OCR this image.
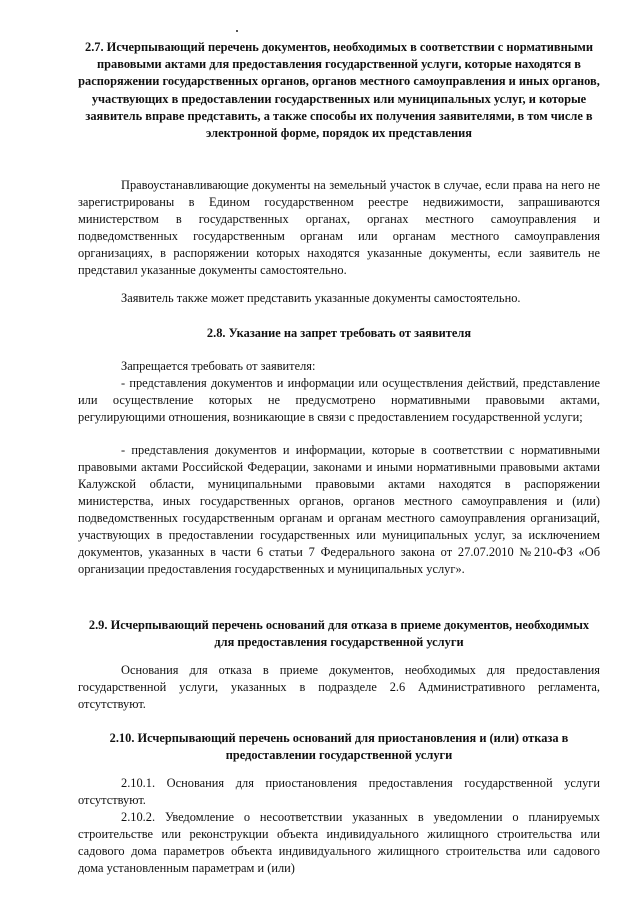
2.7. Исчерпывающий перечень документов, необходимых в соответствии с нормативными правовыми актами для предоставления государственной услуги, которые находятся в распоряжении государственных органов, органов местного самоуправления и иных органов, участвующих в предоставлении государственных или муниципальных услуг, и которые заявитель вправе представить, а также способы их получения заявителями, в том числе в электронной форме, порядок их представления
Правоустанавливающие документы на земельный участок в случае, если права на него не зарегистрированы в Едином государственном реестре недвижимости, запрашиваются министерством в государственных органах, органах местного самоуправления и подведомственных государственным органам или органам местного самоуправления организациях, в распоряжении которых находятся указанные документы, если заявитель не представил указанные документы самостоятельно.
Заявитель также может представить указанные документы самостоятельно.
2.8. Указание на запрет требовать от заявителя
Запрещается требовать от заявителя:
- представления документов и информации или осуществления действий, представление или осуществление которых не предусмотрено нормативными правовыми актами, регулирующими отношения, возникающие в связи с предоставлением государственной услуги;
- представления документов и информации, которые в соответствии с нормативными правовыми актами Российской Федерации, законами и иными нормативными правовыми актами Калужской области, муниципальными правовыми актами находятся в распоряжении министерства, иных государственных органов, органов местного самоуправления и (или) подведомственных государственным органам и органам местного самоуправления организаций, участвующих в предоставлении государственных или муниципальных услуг, за исключением документов, указанных в части 6 статьи 7 Федерального закона от 27.07.2010 №210-ФЗ «Об организации предоставления государственных и муниципальных услуг».
2.9. Исчерпывающий перечень оснований для отказа в приеме документов, необходимых для предоставления государственной услуги
Основания для отказа в приеме документов, необходимых для предоставления государственной услуги, указанных в подразделе 2.6 Административного регламента, отсутствуют.
2.10. Исчерпывающий перечень оснований для приостановления и (или) отказа в предоставлении государственной услуги
2.10.1. Основания для приостановления предоставления государственной услуги отсутствуют.
2.10.2. Уведомление о несоответствии указанных в уведомлении о планируемых строительстве или реконструкции объекта индивидуального жилищного строительства или садового дома параметров объекта индивидуального жилищного строительства или садового дома установленным параметрам и (или)
